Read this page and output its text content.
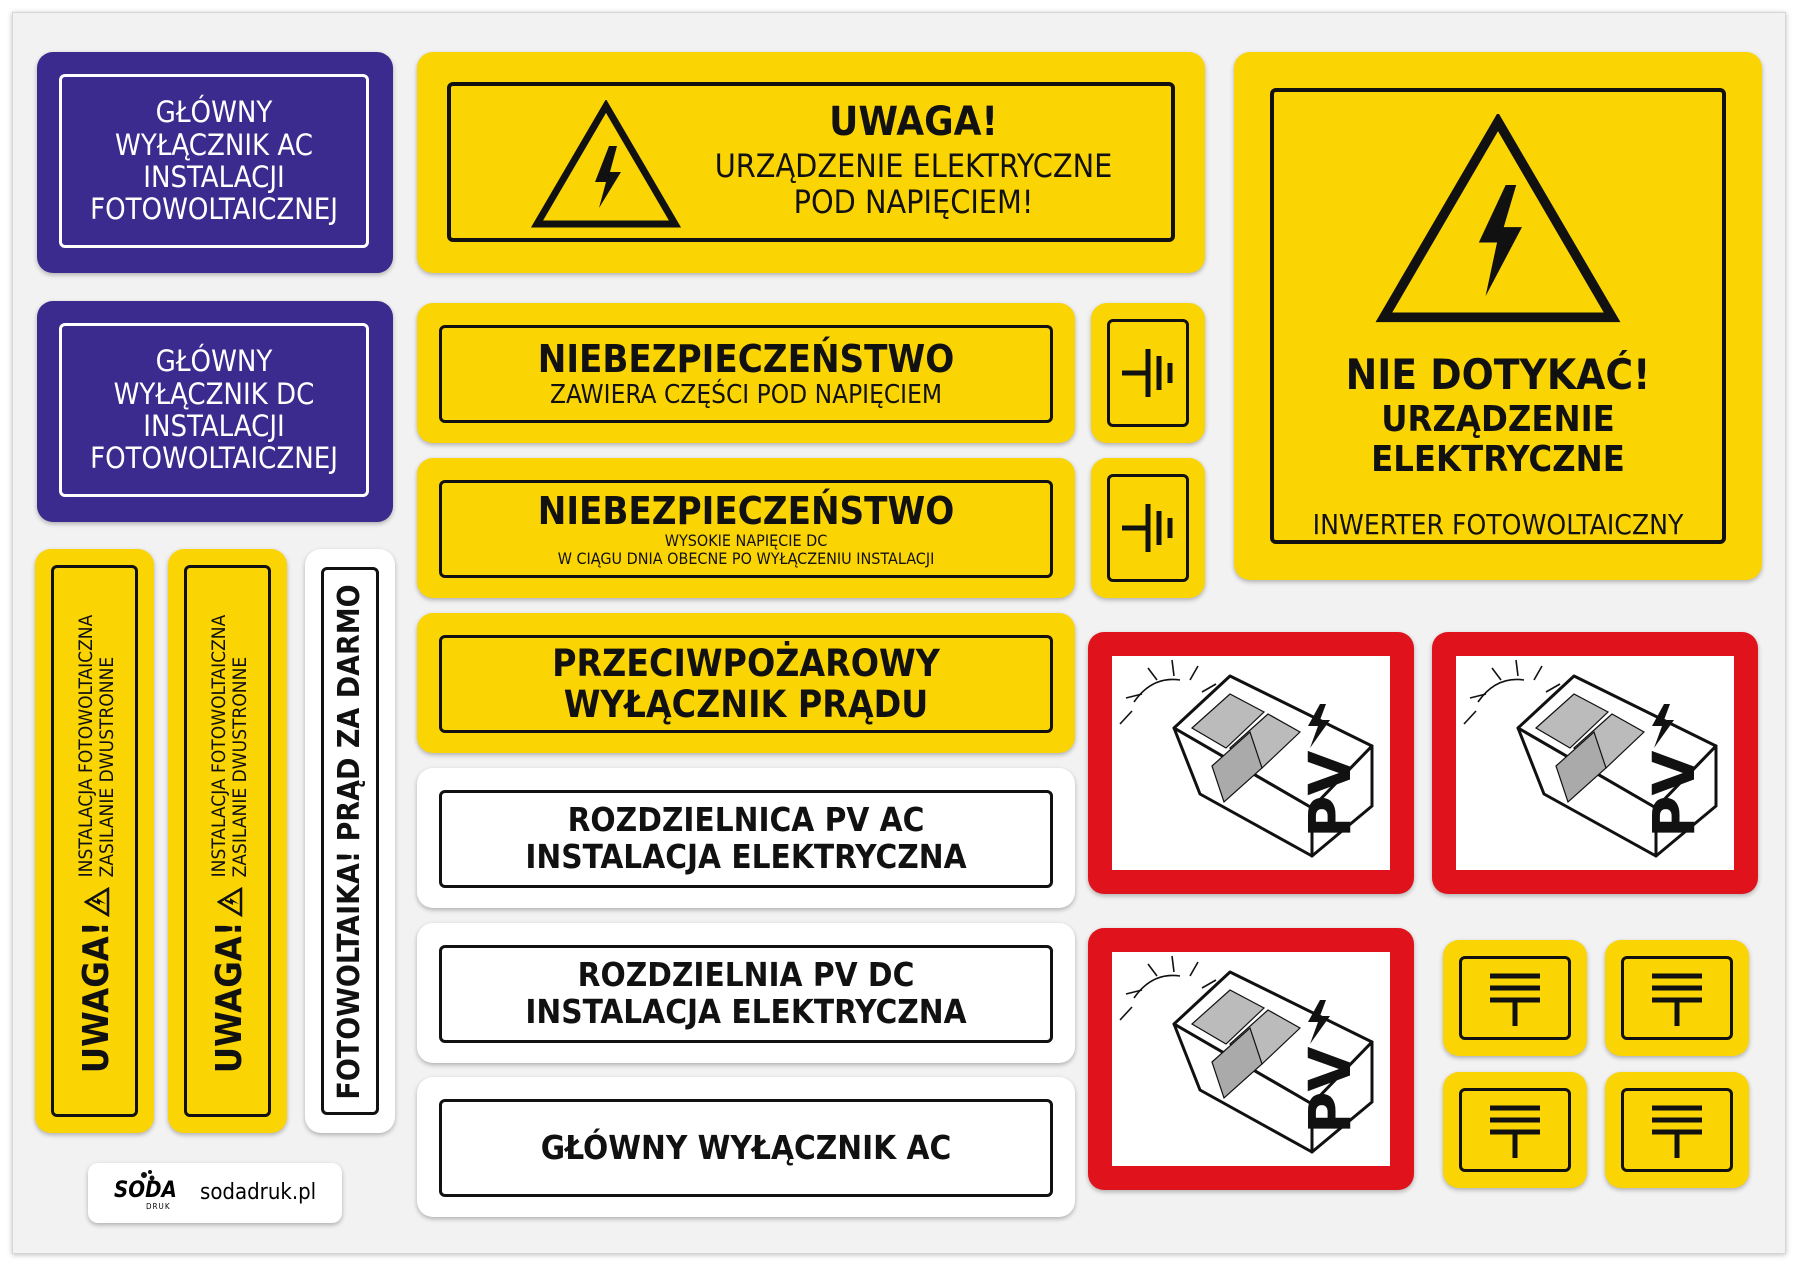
GŁÓWNY
WYŁĄCZNIK AC
INSTALACJI
FOTOWOLTAICZNEJ
GŁÓWNY
WYŁĄCZNIK DC
INSTALACJI
FOTOWOLTAICZNEJ
UWAGA!
URZĄDZENIE ELEKTRYCZNE
POD NAPIĘCIEM!
NIE DOTYKAĆ!
URZĄDZENIE ELEKTRYCZNE
INWERTER FOTOWOLTAICZNY
NIEBEZPIECZEŃSTWO
ZAWIERA CZĘŚCI POD NAPIĘCIEM
NIEBEZPIECZEŃSTWO
WYSOKIE NAPIĘCIE DC
W CIĄGU DNIA OBECNE PO WYŁĄCZENIU INSTALACJI
PRZECIWPOŻAROWY
WYŁĄCZNIK PRĄDU
ROZDZIELNICA PV AC
INSTALACJA ELEKTRYCZNA
ROZDZIELNIA PV DC
INSTALACJA ELEKTRYCZNA
GŁÓWNY WYŁĄCZNIK AC
UWAGA!
INSTALACJA FOTOWOLTAICZNA ZASILANIE DWUSTRONNE
UWAGA!
INSTALACJA FOTOWOLTAICZNA ZASILANIE DWUSTRONNE	FOTOWOLTAIKA! PRĄD ZA DARMO
SODA
DRUK
sodadruk.pl
PV	PV
PV
